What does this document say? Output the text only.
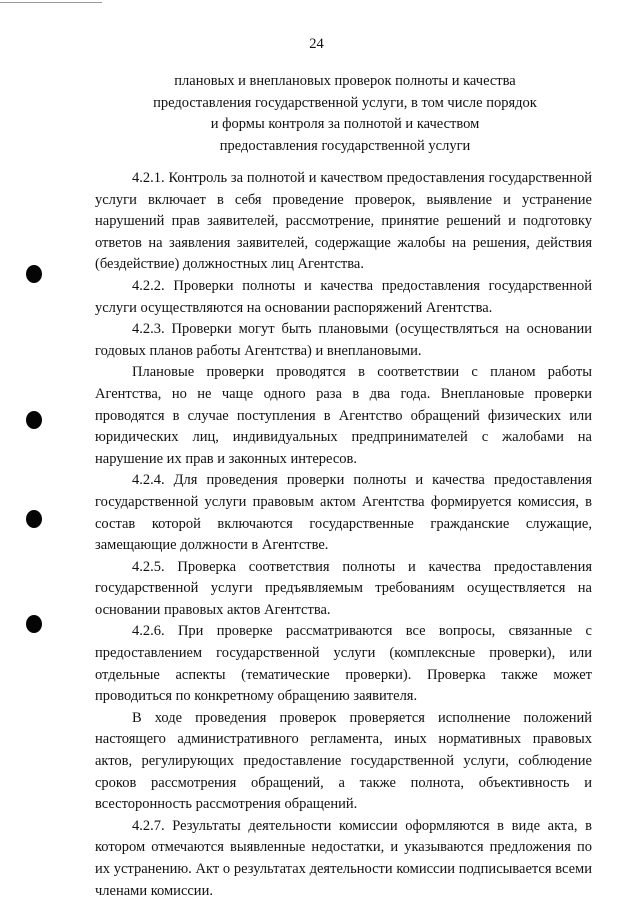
24
плановых и внеплановых проверок полноты и качества
предоставления государственной услуги, в том числе порядок
и формы контроля за полнотой и качеством
предоставления государственной услуги

4.2.1. Контроль за полнотой и качеством предоставления государственной услуги включает в себя проведение проверок, выявление и устранение нарушений прав заявителей, рассмотрение, принятие решений и подготовку ответов на заявления заявителей, содержащие жалобы на решения, действия (бездействие) должностных лиц Агентства.

4.2.2. Проверки полноты и качества предоставления государственной услуги осуществляются на основании распоряжений Агентства.

4.2.3. Проверки могут быть плановыми (осуществляться на основании годовых планов работы Агентства) и внеплановыми.

Плановые проверки проводятся в соответствии с планом работы Агентства, но не чаще одного раза в два года. Внеплановые проверки проводятся в случае поступления в Агентство обращений физических или юридических лиц, индивидуальных предпринимателей с жалобами на нарушение их прав и законных интересов.

4.2.4. Для проведения проверки полноты и качества предоставления государственной услуги правовым актом Агентства формируется комиссия, в состав которой включаются государственные гражданские служащие, замещающие должности в Агентстве.

4.2.5. Проверка соответствия полноты и качества предоставления государственной услуги предъявляемым требованиям осуществляется на основании правовых актов Агентства.

4.2.6. При проверке рассматриваются все вопросы, связанные с предоставлением государственной услуги (комплексные проверки), или отдельные аспекты (тематические проверки). Проверка также может проводиться по конкретному обращению заявителя.

В ходе проведения проверок проверяется исполнение положений настоящего административного регламента, иных нормативных правовых актов, регулирующих предоставление государственной услуги, соблюдение сроков рассмотрения обращений, а также полнота, объективность и всесторонность рассмотрения обращений.

4.2.7. Результаты деятельности комиссии оформляются в виде акта, в котором отмечаются выявленные недостатки, и указываются предложения по их устранению. Акт о результатах деятельности комиссии подписывается всеми членами комиссии.
